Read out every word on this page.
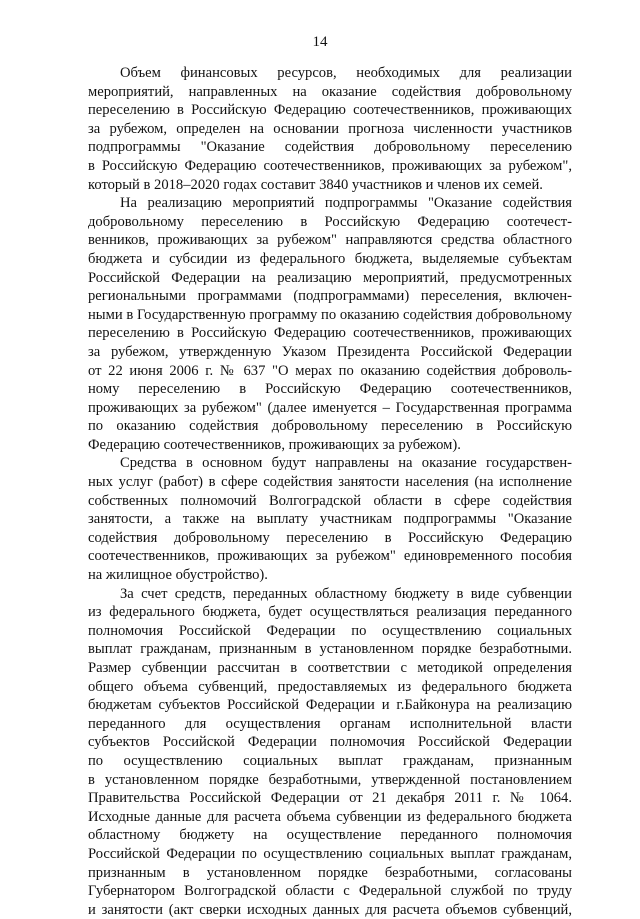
14
Объем финансовых ресурсов, необходимых для реализации
мероприятий, направленных на оказание содействия добровольному
переселению в Российскую Федерацию соотечественников, проживающих
за рубежом, определен на основании прогноза численности участников
подпрограммы "Оказание содействия добровольному переселению
в Российскую Федерацию соотечественников, проживающих за рубежом",
который в 2018–2020 годах составит 3840 участников и членов их семей.
На реализацию мероприятий подпрограммы "Оказание содействия
добровольному переселению в Российскую Федерацию соотечест-
венников, проживающих за рубежом" направляются средства областного
бюджета и субсидии из федерального бюджета, выделяемые субъектам
Российской Федерации на реализацию мероприятий, предусмотренных
региональными программами (подпрограммами) переселения, включен-
ными в Государственную программу по оказанию содействия добровольному
переселению в Российскую Федерацию соотечественников, проживающих
за рубежом, утвержденную Указом Президента Российской Федерации
от 22 июня 2006 г. № 637 "О мерах по оказанию содействия доброволь-
ному переселению в Российскую Федерацию соотечественников,
проживающих за рубежом" (далее именуется – Государственная программа
по оказанию содействия добровольному переселению в Российскую
Федерацию соотечественников, проживающих за рубежом).
Средства в основном будут направлены на оказание государствен-
ных услуг (работ) в сфере содействия занятости населения (на исполнение
собственных полномочий Волгоградской области в сфере содействия
занятости, а также на выплату участникам подпрограммы "Оказание
содействия добровольному переселению в Российскую Федерацию
соотечественников, проживающих за рубежом" единовременного пособия
на жилищное обустройство).
За счет средств, переданных областному бюджету в виде субвенции
из федерального бюджета, будет осуществляться реализация переданного
полномочия Российской Федерации по осуществлению социальных
выплат гражданам, признанным в установленном порядке безработными.
Размер субвенции рассчитан в соответствии с методикой определения
общего объема субвенций, предоставляемых из федерального бюджета
бюджетам субъектов Российской Федерации и г.Байконура на реализацию
переданного для осуществления органам исполнительной власти
субъектов Российской Федерации полномочия Российской Федерации
по осуществлению социальных выплат гражданам, признанным
в установленном порядке безработными, утвержденной постановлением
Правительства Российской Федерации от 21 декабря 2011 г. № 1064.
Исходные данные для расчета объема субвенции из федерального бюджета
областному бюджету на осуществление переданного полномочия
Российской Федерации по осуществлению социальных выплат гражданам,
признанным в установленном порядке безработными, согласованы
Губернатором Волгоградской области с Федеральной службой по труду
и занятости (акт сверки исходных данных для расчета объемов субвенций,
